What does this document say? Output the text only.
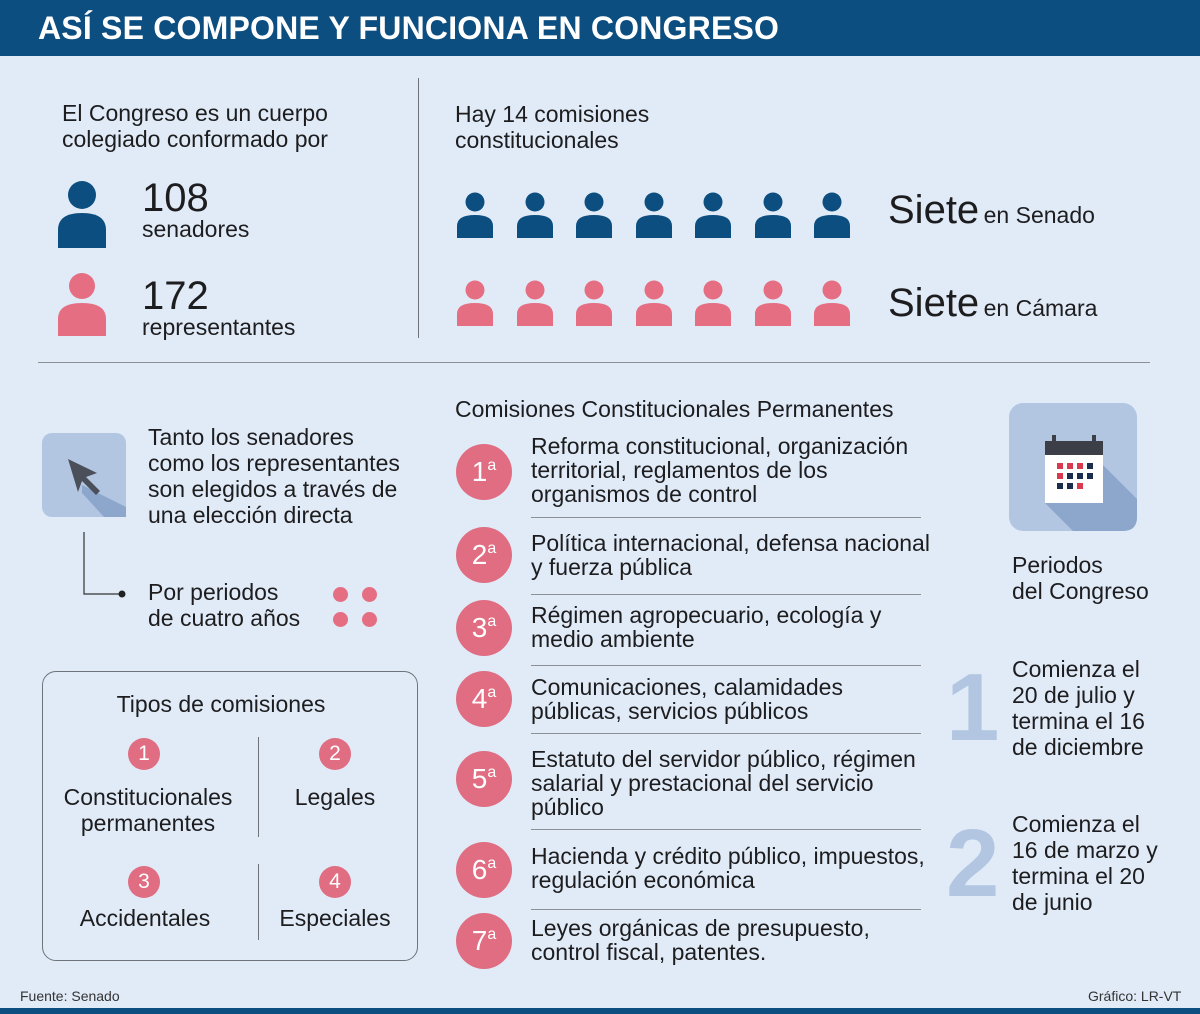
ASÍ SE COMPONE Y FUNCIONA EN CONGRESO
El Congreso es un cuerpo
colegiado conformado por
108
senadores
172
representantes
Hay 14 comisiones
constitucionales
Siete en Senado
Siete en Cámara
Tanto los senadores
como los representantes
son elegidos a través de
una elección directa
Por periodos
de cuatro años
Tipos de comisiones
1
Constitucionales
permanentes
2
Legales
3
Accidentales
4
Especiales
Comisiones Constitucionales Permanentes
1$^a$
Reforma constitucional, organización
territorial, reglamentos de los
organismos de control
2$^a$	Política internacional, defensa nacional
y fuerza pública
3$^a$	Régimen agropecuario, ecología y
medio ambiente
4$^a$	Comunicaciones, calamidades
públicas, servicios públicos
5$^a$
Estatuto del servidor público, régimen
salarial y prestacional del servicio
público
6$^a$	Hacienda y crédito público, impuestos,
regulación económica
7$^a$	Leyes orgánicas de presupuesto,
control fiscal, patentes.
Periodos
del Congreso
1 Comienza el
20 de julio y
termina el 16
de diciembre
2 Comienza el
16 de marzo y
termina el 20
de junio
Fuente: Senado	Gráfico: LR-VT
